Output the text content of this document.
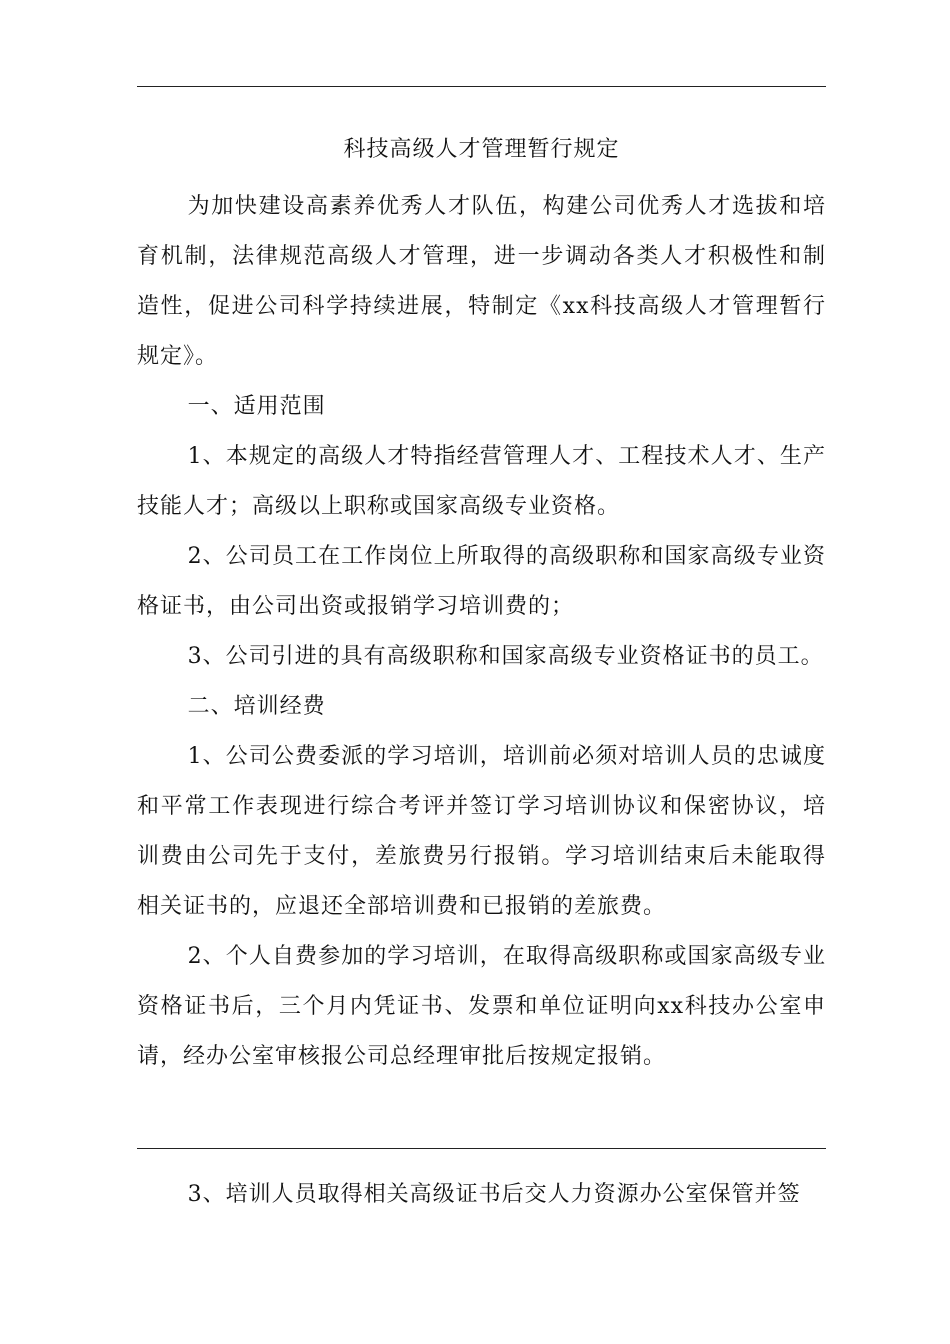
科技高级人才管理暂行规定

为加快建设高素养优秀人才队伍，构建公司优秀人才选拔和培育机制，法律规范高级人才管理，进一步调动各类人才积极性和制造性，促进公司科学持续进展，特制定《xx科技高级人才管理暂行规定》。

一、适用范围

1、本规定的高级人才特指经营管理人才、工程技术人才、生产技能人才；高级以上职称或国家高级专业资格。

2、公司员工在工作岗位上所取得的高级职称和国家高级专业资格证书，由公司出资或报销学习培训费的；

3、公司引进的具有高级职称和国家高级专业资格证书的员工。

二、培训经费

1、公司公费委派的学习培训，培训前必须对培训人员的忠诚度和平常工作表现进行综合考评并签订学习培训协议和保密协议，培训费由公司先于支付，差旅费另行报销。学习培训结束后未能取得相关证书的，应退还全部培训费和已报销的差旅费。

2、个人自费参加的学习培训，在取得高级职称或国家高级专业资格证书后，三个月内凭证书、发票和单位证明向xx科技办公室申请，经办公室审核报公司总经理审批后按规定报销。

3、培训人员取得相关高级证书后交人力资源办公室保管并签
